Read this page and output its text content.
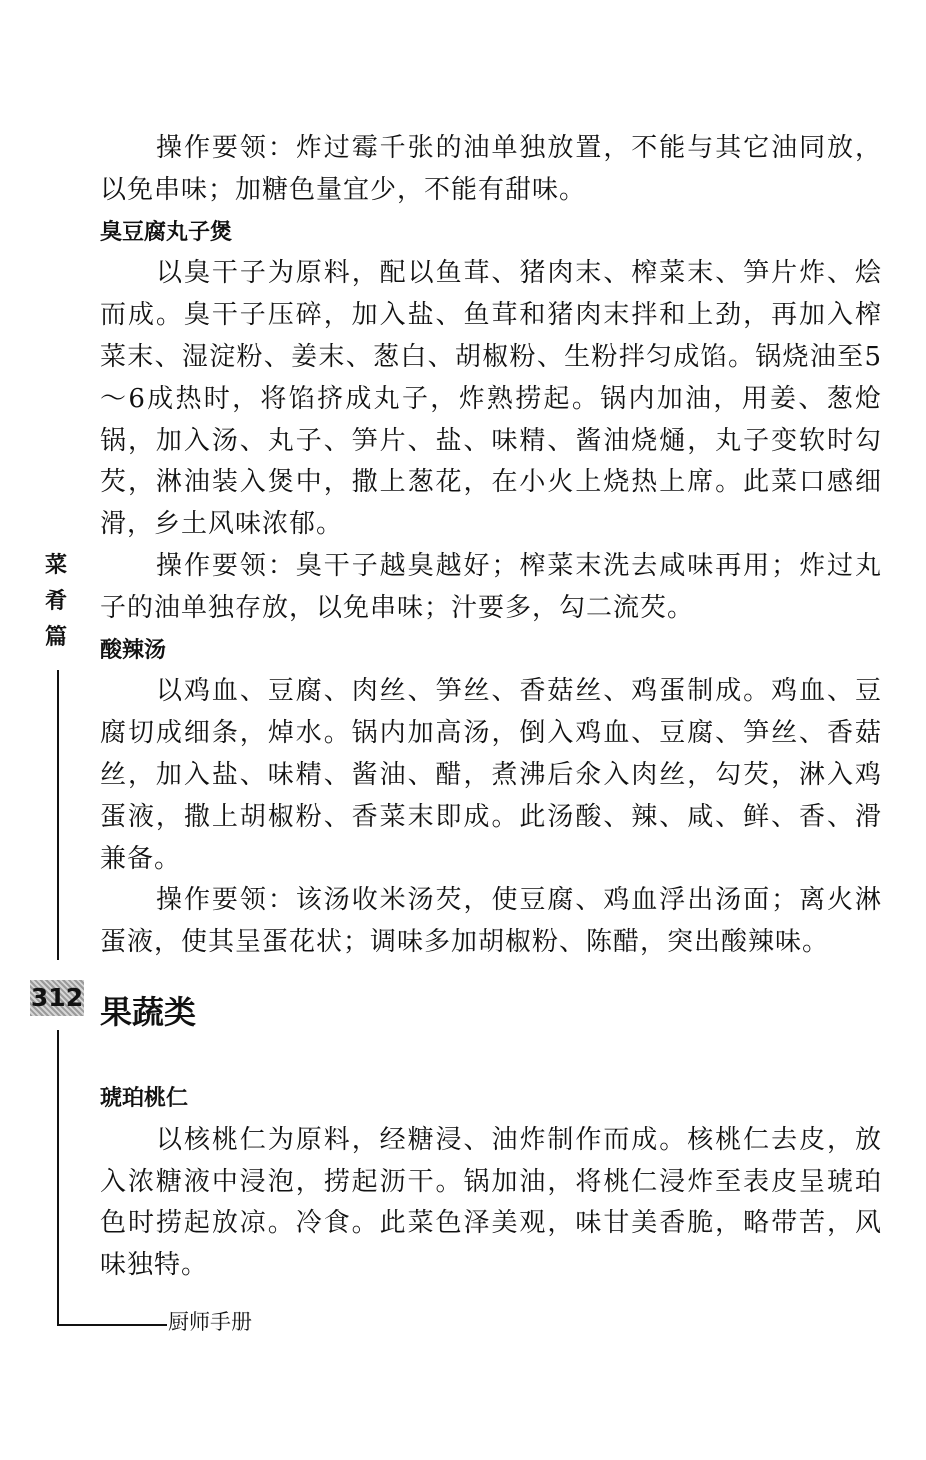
菜
肴
篇
312
厨师手册

操作要领：炸过霉千张的油单独放置，不能与其它油同放，以免串味；加糖色量宜少，不能有甜味。

臭豆腐丸子煲

以臭干子为原料，配以鱼茸、猪肉末、榨菜末、笋片炸、烩而成。臭干子压碎，加入盐、鱼茸和猪肉末拌和上劲，再加入榨菜末、湿淀粉、姜末、葱白、胡椒粉、生粉拌匀成馅。锅烧油至5～6成热时，将馅挤成丸子，炸熟捞起。锅内加油，用姜、葱炝锅，加入汤、丸子、笋片、盐、味精、酱油烧熥，丸子变软时勾芡，淋油装入煲中，撒上葱花，在小火上烧热上席。此菜口感细滑，乡土风味浓郁。

操作要领：臭干子越臭越好；榨菜末洗去咸味再用；炸过丸子的油单独存放，以免串味；汁要多，勾二流芡。

酸辣汤

以鸡血、豆腐、肉丝、笋丝、香菇丝、鸡蛋制成。鸡血、豆腐切成细条，焯水。锅内加高汤，倒入鸡血、豆腐、笋丝、香菇丝，加入盐、味精、酱油、醋，煮沸后氽入肉丝，勾芡，淋入鸡蛋液，撒上胡椒粉、香菜末即成。此汤酸、辣、咸、鲜、香、滑兼备。

操作要领：该汤收米汤芡，使豆腐、鸡血浮出汤面；离火淋蛋液，使其呈蛋花状；调味多加胡椒粉、陈醋，突出酸辣味。

果蔬类
琥珀桃仁

以核桃仁为原料，经糖浸、油炸制作而成。核桃仁去皮，放入浓糖液中浸泡，捞起沥干。锅加油，将桃仁浸炸至表皮呈琥珀色时捞起放凉。冷食。此菜色泽美观，味甘美香脆，略带苦，风味独特。
